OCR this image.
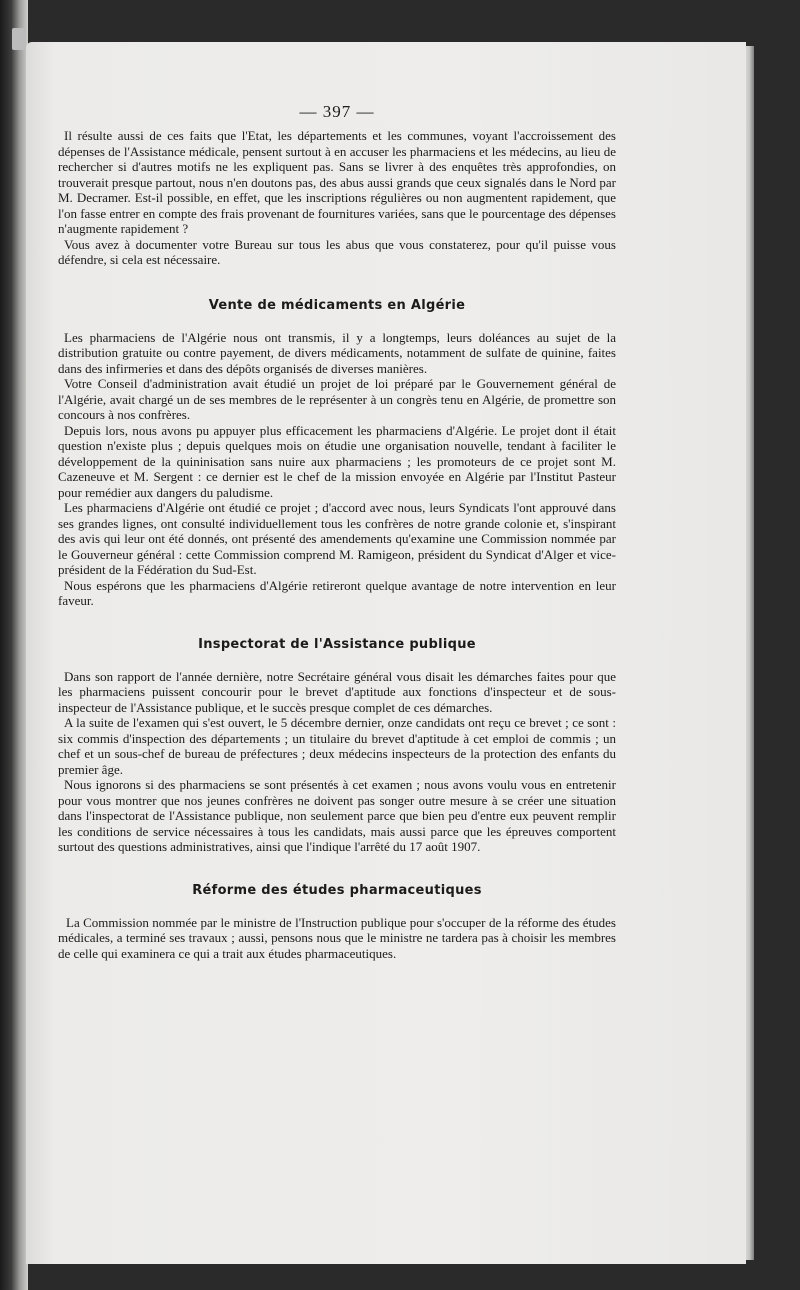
— 397 —

Il résulte aussi de ces faits que l'Etat, les départements et les communes, voyant l'accroissement des dépenses de l'Assistance médicale, pensent surtout à en accuser les pharmaciens et les médecins, au lieu de rechercher si d'autres motifs ne les expliquent pas. Sans se livrer à des enquêtes très approfondies, on trouverait presque partout, nous n'en doutons pas, des abus aussi grands que ceux signalés dans le Nord par M. Decramer. Est-il possible, en effet, que les inscriptions régulières ou non augmentent rapidement, que l'on fasse entrer en compte des frais provenant de fournitures variées, sans que le pourcentage des dépenses n'augmente rapidement ?

Vous avez à documenter votre Bureau sur tous les abus que vous constaterez, pour qu'il puisse vous défendre, si cela est nécessaire.

Vente de médicaments en Algérie

Les pharmaciens de l'Algérie nous ont transmis, il y a longtemps, leurs doléances au sujet de la distribution gratuite ou contre payement, de divers médicaments, notamment de sulfate de quinine, faites dans des infirmeries et dans des dépôts organisés de diverses manières.

Votre Conseil d'administration avait étudié un projet de loi préparé par le Gouvernement général de l'Algérie, avait chargé un de ses membres de le représenter à un congrès tenu en Algérie, de promettre son concours à nos confrères.

Depuis lors, nous avons pu appuyer plus efficacement les pharmaciens d'Algérie. Le projet dont il était question n'existe plus ; depuis quelques mois on étudie une organisation nouvelle, tendant à faciliter le développement de la quininisation sans nuire aux pharmaciens ; les promoteurs de ce projet sont M. Cazeneuve et M. Sergent : ce dernier est le chef de la mission envoyée en Algérie par l'Institut Pasteur pour remédier aux dangers du paludisme.

Les pharmaciens d'Algérie ont étudié ce projet ; d'accord avec nous, leurs Syndicats l'ont approuvé dans ses grandes lignes, ont consulté individuellement tous les confrères de notre grande colonie et, s'inspirant des avis qui leur ont été donnés, ont présenté des amendements qu'examine une Commission nommée par le Gouverneur général : cette Commission comprend M. Ramigeon, président du Syndicat d'Alger et vice-président de la Fédération du Sud-Est.

Nous espérons que les pharmaciens d'Algérie retireront quelque avantage de notre intervention en leur faveur.

Inspectorat de l'Assistance publique

Dans son rapport de l'année dernière, notre Secrétaire général vous disait les démarches faites pour que les pharmaciens puissent concourir pour le brevet d'aptitude aux fonctions d'inspecteur et de sous-inspecteur de l'Assistance publique, et le succès presque complet de ces démarches.

A la suite de l'examen qui s'est ouvert, le 5 décembre dernier, onze candidats ont reçu ce brevet ; ce sont : six commis d'inspection des départements ; un titulaire du brevet d'aptitude à cet emploi de commis ; un chef et un sous-chef de bureau de préfectures ; deux médecins inspecteurs de la protection des enfants du premier âge.

Nous ignorons si des pharmaciens se sont présentés à cet examen ; nous avons voulu vous en entretenir pour vous montrer que nos jeunes confrères ne doivent pas songer outre mesure à se créer une situation dans l'inspectorat de l'Assistance publique, non seulement parce que bien peu d'entre eux peuvent remplir les conditions de service nécessaires à tous les candidats, mais aussi parce que les épreuves comportent surtout des questions administratives, ainsi que l'indique l'arrêté du 17 août 1907.

Réforme des études pharmaceutiques

La Commission nommée par le ministre de l'Instruction publique pour s'occuper de la réforme des études médicales, a terminé ses travaux ; aussi, pensons nous que le ministre ne tardera pas à choisir les membres de celle qui examinera ce qui a trait aux études pharmaceutiques.
